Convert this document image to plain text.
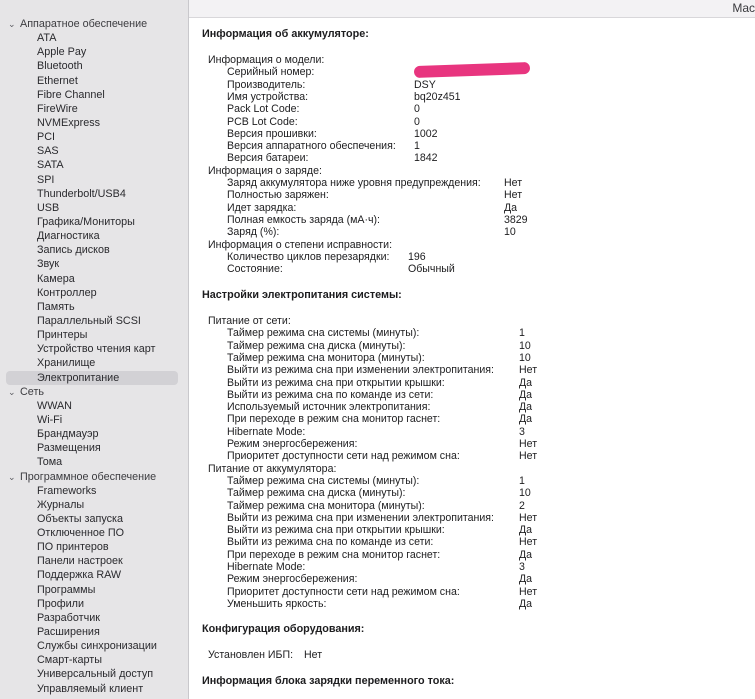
⌄ Аппаратное обеспечение
ATA
Apple Pay
Bluetooth
Ethernet
Fibre Channel
FireWire
NVMExpress
PCI
SAS
SATA
SPI
Thunderbolt/USB4
USB
Графика/Мониторы
Диагностика
Запись дисков
Звук
Камера
Контроллер
Память
Параллельный SCSI
Принтеры
Устройство чтения карт
Хранилище
Электропитание
⌄ Сеть
WWAN
Wi-Fi
Брандмауэр
Размещения
Тома
⌄ Программное обеспечение
Frameworks
Журналы
Объекты запуска
Отключенное ПО
ПО принтеров
Панели настроек
Поддержка RAW
Программы
Профили
Разработчик
Расширения
Службы синхронизации
Смарт-карты
Универсальный доступ
Управляемый клиент
Mac
Информация об аккумуляторе:
Информация о модели:
Серийный номер:
Производитель:	DSY
Имя устройства:	bq20z451
Pack Lot Code:	0
PCB Lot Code:	0
Версия прошивки:	1002
Версия аппаратного обеспечения: 1
Версия батареи:	1842
Информация о заряде:
Заряд аккумулятора ниже уровня предупреждения: Нет
Полностью заряжен:	Нет
Идет зарядка:	Да
Полная емкость заряда (мА·ч):	3829
Заряд (%):	10
Информация о степени исправности:
Количество циклов перезарядки: 196
Состояние:	Обычный
Настройки электропитания системы:
Питание от сети:
Таймер режима сна системы (минуты):	1
Таймер режима сна диска (минуты):	10
Таймер режима сна монитора (минуты):	10
Выйти из режима сна при изменении электропитания: Нет
Выйти из режима сна при открытии крышки:	Да
Выйти из режима сна по команде из сети:	Да
Используемый источник электропитания:	Да
При переходе в режим сна монитор гаснет:	Да
Hibernate Mode:	3
Режим энергосбережения:	Нет
Приоритет доступности сети над режимом сна:	Нет
Питание от аккумулятора:
Таймер режима сна системы (минуты):	1
Таймер режима сна диска (минуты):	10
Таймер режима сна монитора (минуты):	2
Выйти из режима сна при изменении электропитания: Нет
Выйти из режима сна при открытии крышки:	Да
Выйти из режима сна по команде из сети:	Нет
При переходе в режим сна монитор гаснет:	Да
Hibernate Mode:	3
Режим энергосбережения:	Да
Приоритет доступности сети над режимом сна:	Нет
Уменьшить яркость:	Да
Конфигурация оборудования:
Установлен ИБП: Нет
Информация блока зарядки переменного тока:
